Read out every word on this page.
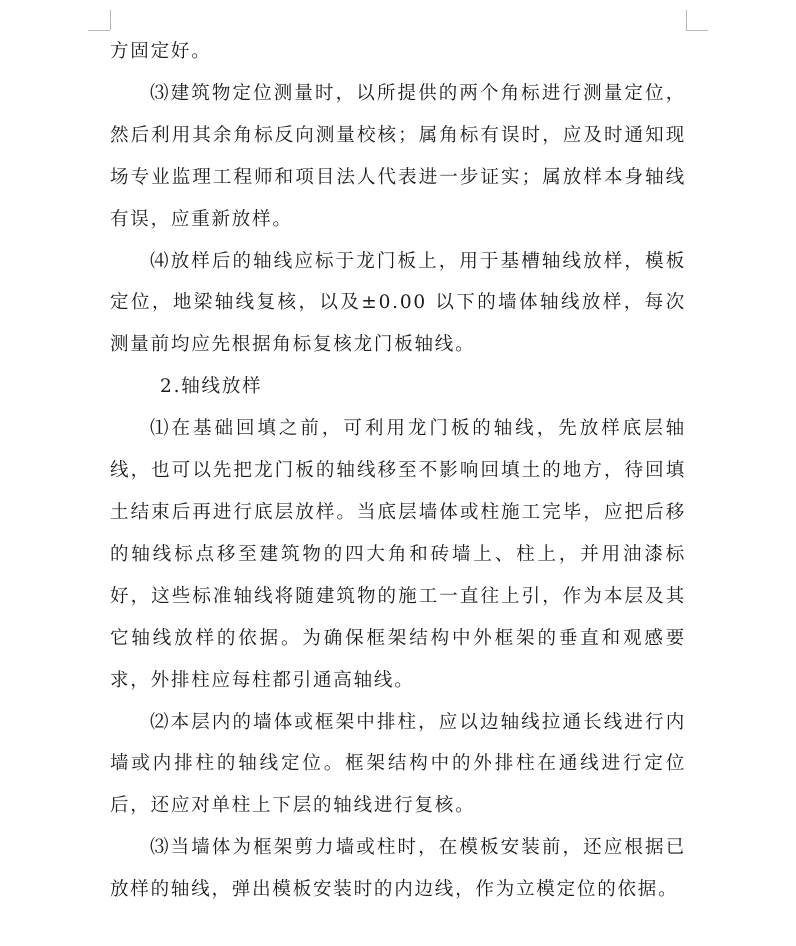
方固定好。

⑶建筑物定位测量时，以所提供的两个角标进行测量定位，然后利用其余角标反向测量校核；属角标有误时，应及时通知现场专业监理工程师和项目法人代表进一步证实；属放样本身轴线有误，应重新放样。

⑷放样后的轴线应标于龙门板上，用于基槽轴线放样，模板定位，地梁轴线复核，以及±0.00 以下的墙体轴线放样，每次测量前均应先根据角标复核龙门板轴线。

2.轴线放样

⑴在基础回填之前，可利用龙门板的轴线，先放样底层轴线，也可以先把龙门板的轴线移至不影响回填土的地方，待回填土结束后再进行底层放样。当底层墙体或柱施工完毕，应把后移的轴线标点移至建筑物的四大角和砖墙上、柱上，并用油漆标好，这些标准轴线将随建筑物的施工一直往上引，作为本层及其它轴线放样的依据。为确保框架结构中外框架的垂直和观感要求，外排柱应每柱都引通高轴线。

⑵本层内的墙体或框架中排柱，应以边轴线拉通长线进行内墙或内排柱的轴线定位。框架结构中的外排柱在通线进行定位后，还应对单柱上下层的轴线进行复核。

⑶当墙体为框架剪力墙或柱时，在模板安装前，还应根据已放样的轴线，弹出模板安装时的内边线，作为立模定位的依据。
